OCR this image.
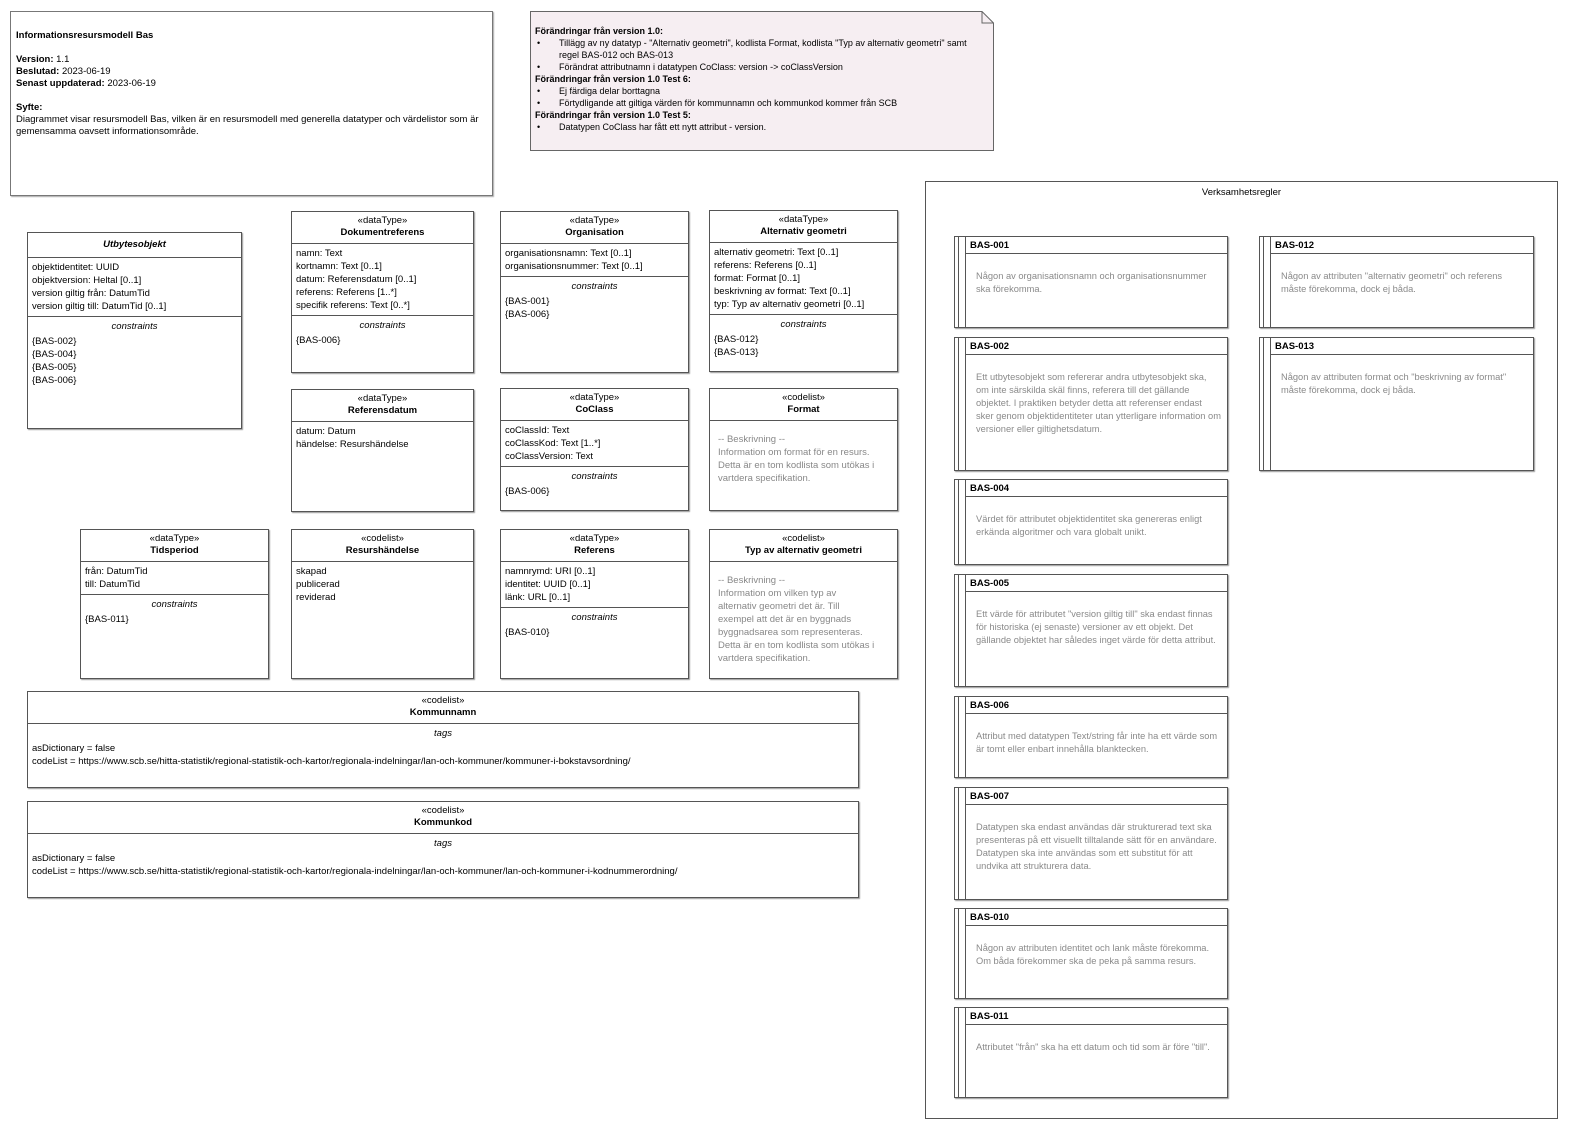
Informationsresursmodell Bas
Version: 1.1
Beslutad: 2023-06-19
Senast uppdaterad: 2023-06-19
Syfte:
Diagrammet visar resursmodell Bas, vilken är en resursmodell med generella datatyper och värdelistor som är gemensamma oavsett informationsområde.
Förändringar från version 1.0:
• Tillägg av ny datatyp - "Alternativ geometri", kodlista Format, kodlista "Typ av alternativ geometri" samt regel BAS-012 och BAS-013
• Förändrat attributnamn i datatypen CoClass: version -> coClassVersion
Förändringar från version 1.0 Test 6:
• Ej färdiga delar borttagna
• Förtydligande att giltiga värden för kommunnamn och kommunkod kommer från SCB
Förändringar från version 1.0 Test 5:
• Datatypen CoClass har fått ett nytt attribut - version.
Utbytesobjekt
objektidentitet: UUID
objektversion: Heltal [0..1]
version giltig från: DatumTid
version giltig till: DatumTid [0..1]
constraints
{BAS-002}
{BAS-004}
{BAS-005}
{BAS-006}
«dataType»
Dokumentreferens
namn: Text
kortnamn: Text [0..1]
datum: Referensdatum [0..1]
referens: Referens [1..*]
specifik referens: Text [0..*]
constraints
{BAS-006}
«dataType»
Organisation
organisationsnamn: Text [0..1]
organisationsnummer: Text [0..1]
constraints
{BAS-001}
{BAS-006}
«dataType»
Alternativ geometri
alternativ geometri: Text [0..1]
referens: Referens [0..1]
format: Format [0..1]
beskrivning av format: Text [0..1]
typ: Typ av alternativ geometri [0..1]
constraints
{BAS-012}
{BAS-013}
«dataType»
Referensdatum
datum: Datum
händelse: Resurshändelse
«dataType»
CoClass
coClassId: Text
coClassKod: Text [1..*]
coClassVersion: Text
constraints
{BAS-006}
«codelist»
Format
-- Beskrivning --
Information om format för en resurs.
Detta är en tom kodlista som utökas i
vartdera specifikation.
«dataType»
Tidsperiod
från: DatumTid
till: DatumTid
constraints
{BAS-011}
«codelist»
Resurshändelse
skapad
publicerad
reviderad
«dataType»
Referens
namnrymd: URI [0..1]
identitet: UUID [0..1]
länk: URL [0..1]
constraints
{BAS-010}
«codelist»
Typ av alternativ geometri
-- Beskrivning --
Information om vilken typ av
alternativ geometri det är. Till
exempel att det är en byggnads
byggnadsarea som representeras.
Detta är en tom kodlista som utökas i
vartdera specifikation.
«codelist»
Kommunnamn
tags
asDictionary = false
codeList = https://www.scb.se/hitta-statistik/regional-statistik-och-kartor/regionala-indelningar/lan-och-kommuner/kommuner-i-bokstavsordning/
«codelist»
Kommunkod
tags
asDictionary = false
codeList = https://www.scb.se/hitta-statistik/regional-statistik-och-kartor/regionala-indelningar/lan-och-kommuner/lan-och-kommuner-i-kodnummerordning/
Verksamhetsregler
BAS-001
Någon av organisationsnamn och organisationsnummer ska förekomma.
BAS-002
Ett utbytesobjekt som refererar andra utbytesobjekt ska, om inte särskilda skäl finns, referera till det gällande objektet. I praktiken betyder detta att referenser endast sker genom objektidentiteter utan ytterligare information om versioner eller giltighetsdatum.
BAS-004
Värdet för attributet objektidentitet ska genereras enligt erkända algoritmer och vara globalt unikt.
BAS-005
Ett värde för attributet "version giltig till" ska endast finnas för historiska (ej senaste) versioner av ett objekt. Det gällande objektet har således inget värde för detta attribut.
BAS-006
Attribut med datatypen Text/string får inte ha ett värde som är tomt eller enbart innehålla blanktecken.
BAS-007
Datatypen ska endast användas där strukturerad text ska presenteras på ett visuellt tilltalande sätt för en användare. Datatypen ska inte användas som ett substitut för att undvika att strukturera data.
BAS-010
Någon av attributen identitet och lank måste förekomma. Om båda förekommer ska de peka på samma resurs.
BAS-011
Attributet "från" ska ha ett datum och tid som är före "till".
BAS-012
Någon av attributen "alternativ geometri" och referens måste förekomma, dock ej båda.
BAS-013
Någon av attributen format och "beskrivning av format" måste förekomma, dock ej båda.
